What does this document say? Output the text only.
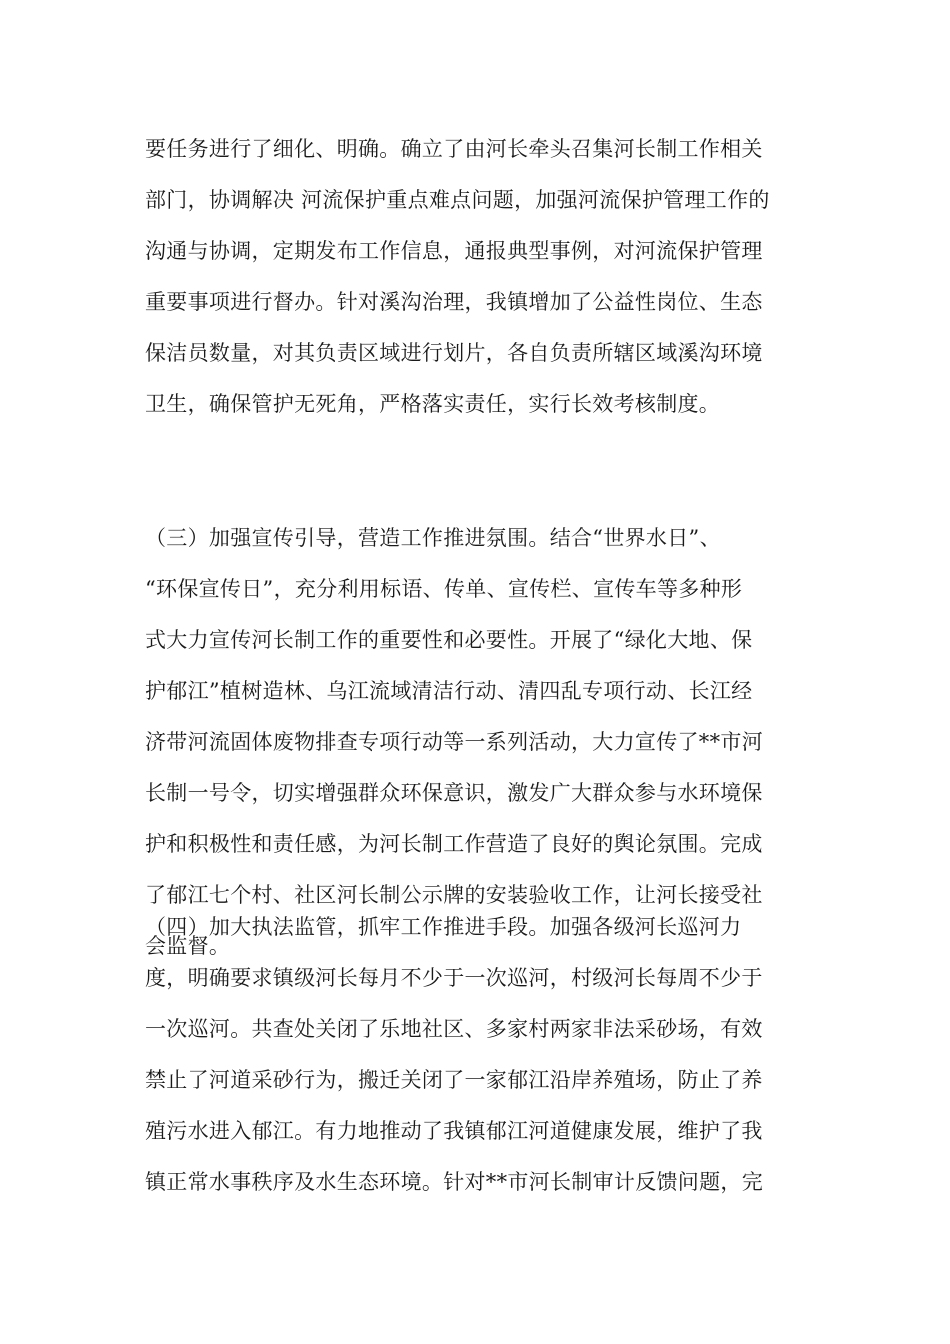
要任务进行了细化、明确。确立了由河长牵头召集河长制工作相关
部门，协调解决 河流保护重点难点问题，加强河流保护管理工作的
沟通与协调，定期发布工作信息，通报典型事例，对河流保护管理
重要事项进行督办。针对溪沟治理，我镇增加了公益性岗位、生态
保洁员数量，对其负责区域进行划片，各自负责所辖区域溪沟环境
卫生，确保管护无死角，严格落实责任，实行长效考核制度。
（三）加强宣传引导，营造工作推进氛围。结合“世界水日”、
“环保宣传日”，充分利用标语、传单、宣传栏、宣传车等多种形
式大力宣传河长制工作的重要性和必要性。开展了“绿化大地、保
护郁江”植树造林、乌江流域清洁行动、清四乱专项行动、长江经
济带河流固体废物排查专项行动等一系列活动，大力宣传了**市河
长制一号令，切实增强群众环保意识，激发广大群众参与水环境保
护和积极性和责任感，为河长制工作营造了良好的舆论氛围。完成
了郁江七个村、社区河长制公示牌的安装验收工作，让河长接受社
会监督。
（四）加大执法监管，抓牢工作推进手段。加强各级河长巡河力
度，明确要求镇级河长每月不少于一次巡河，村级河长每周不少于
一次巡河。共查处关闭了乐地社区、多家村两家非法采砂场，有效
禁止了河道采砂行为，搬迁关闭了一家郁江沿岸养殖场，防止了养
殖污水进入郁江。有力地推动了我镇郁江河道健康发展，维护了我
镇正常水事秩序及水生态环境。针对**市河长制审计反馈问题，完
